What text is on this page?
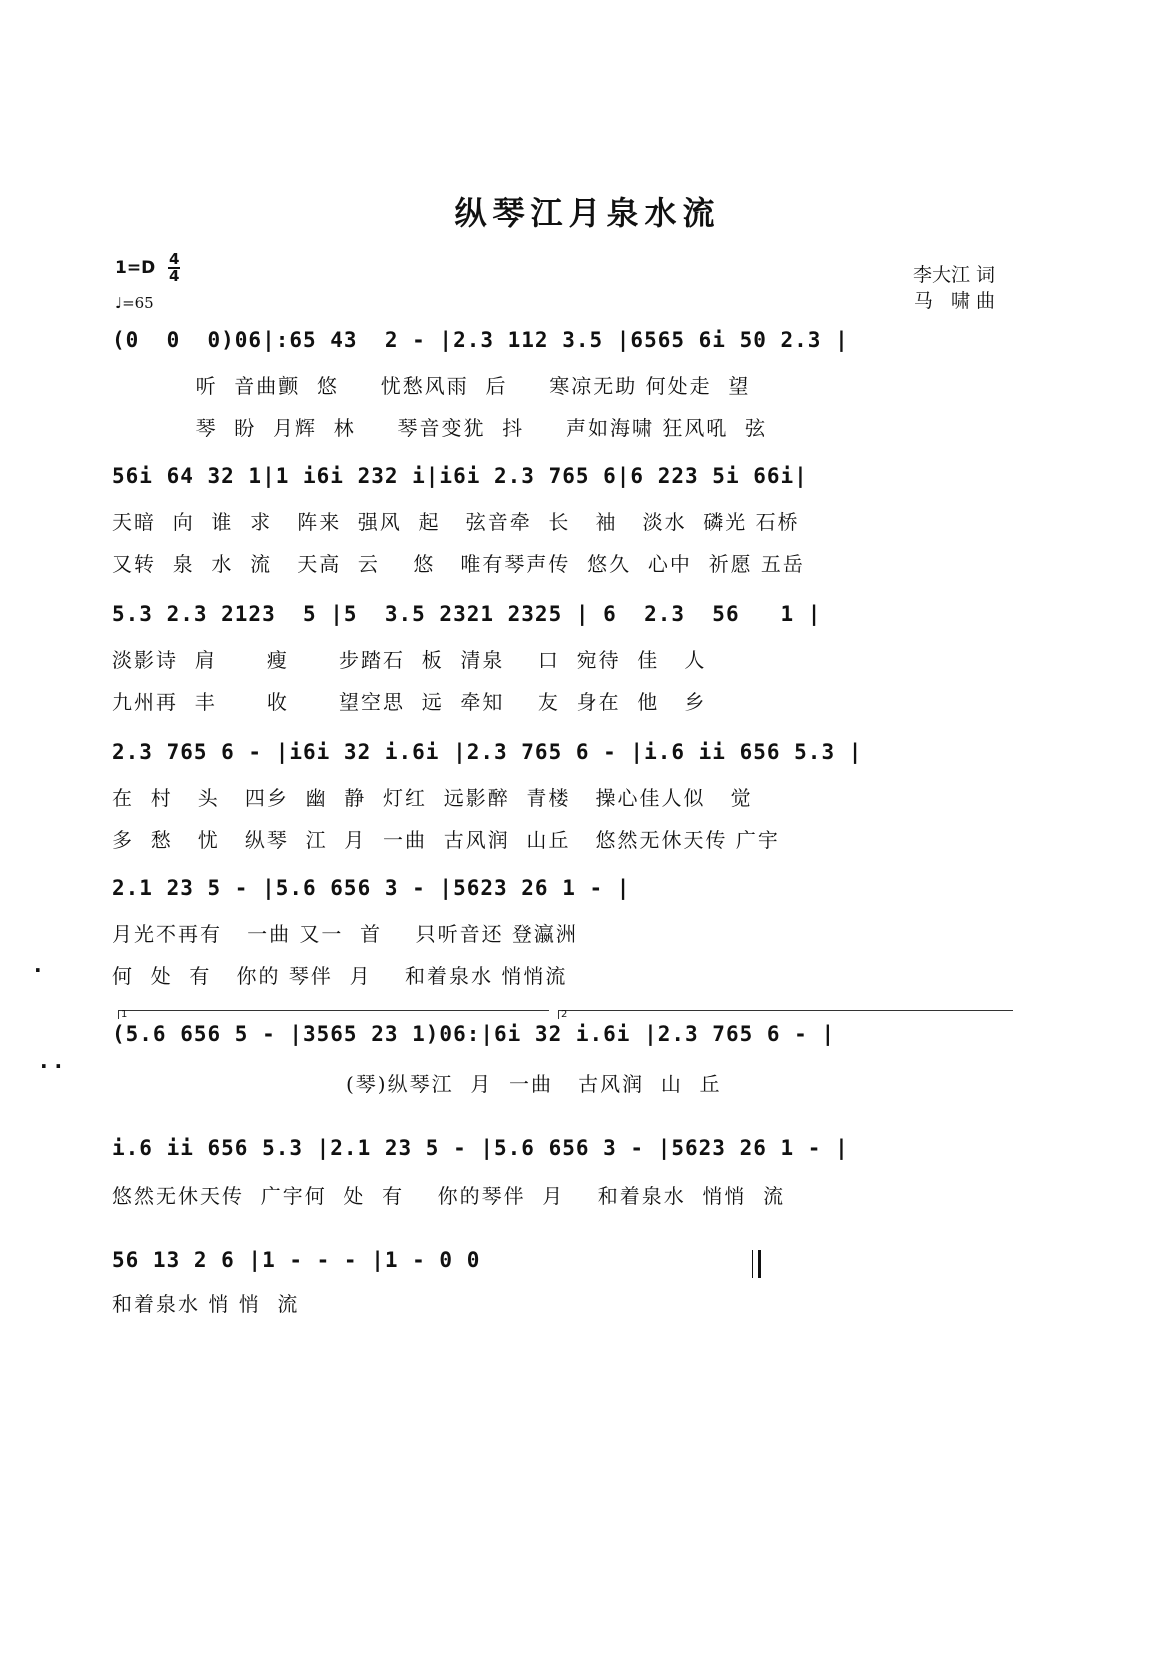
纵琴江月泉水流
1=D 4
4
♩=65
李大江 词
马   啸 曲
(0  0  0)06|:65 43  2 - |2.3 112 3.5 |6565 6i 50 2.3 |
听  音曲颤  悠     忧愁风雨  后     寒凉无助 何处走  望
琴  盼  月辉  林     琴音变犹  抖     声如海啸 狂风吼  弦
56i 64 32 1|1 i6i 232 i|i6i 2.3 765 6|6 223 5i 66i|
天暗  向  谁  求   阵来  强风  起   弦音牵  长   袖   淡水  磷光 石桥
又转  泉  水  流   天高  云    悠   唯有琴声传  悠久  心中  祈愿 五岳
5.3 2.3 2123  5 |5  3.5 2321 2325 | 6  2.3  56   1 |
淡影诗  肩      瘦      步踏石  板  清泉    口  宛待  佳   人
九州再  丰      收      望空思  远  牵知    友  身在  他   乡
2.3 765 6 - |i6i 32 i.6i |2.3 765 6 - |i.6 ii 656 5.3 |
在  村   头   四乡  幽  静  灯红  远影醉  青楼   操心佳人似   觉
多  愁   忧   纵琴  江  月  一曲  古风润  山丘   悠然无休天传 广宇
2.1 23 5 - |5.6 656 3 - |5623 26 1 - |
月光不再有   一曲 又一  首    只听音还 登瀛洲
何  处  有   你的 琴伴  月    和着泉水 悄悄流
·
1	2
(5.6 656 5 - |3565 23 1)06:|6i 32 i.6i |2.3 765 6 - |
(琴)纵琴江  月  一曲   古风润  山  丘
· ·
i.6 ii 656 5.3 |2.1 23 5 - |5.6 656 3 - |5623 26 1 - |
悠然无休天传  广宇何  处  有    你的琴伴  月    和着泉水  悄悄  流
56 13 2 6 |1 - - - |1 - 0 0
和着泉水 悄 悄  流
